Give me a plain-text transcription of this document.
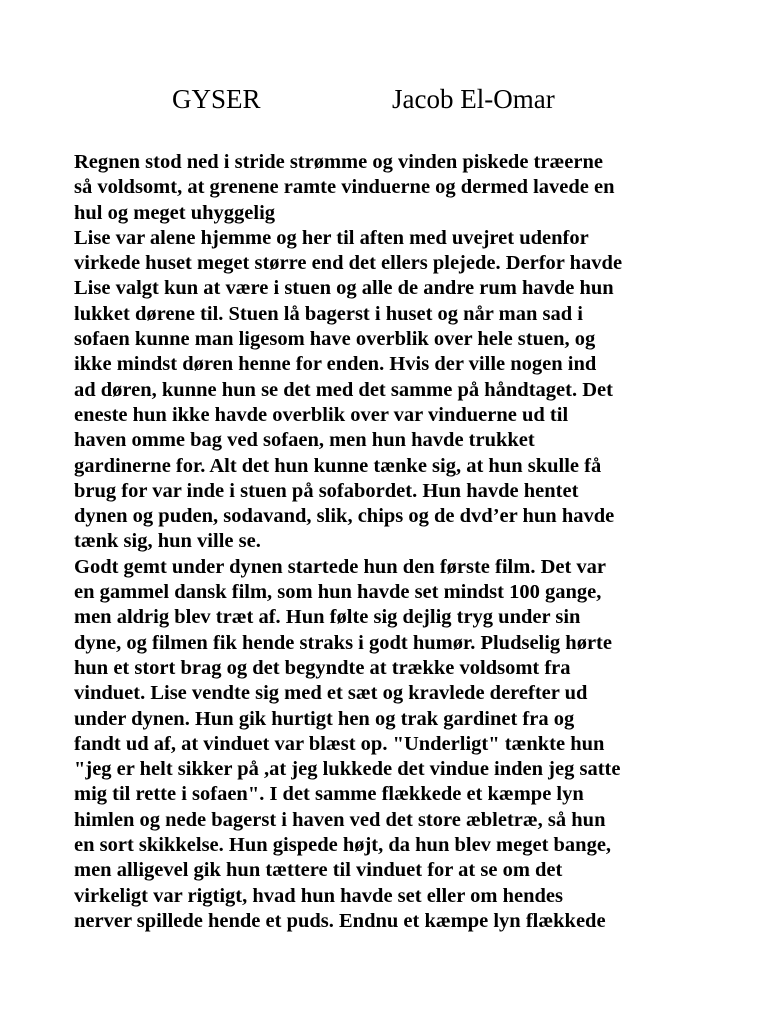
GYSER	Jacob El-Omar
Regnen stod ned i stride strømme og vinden piskede træerne
så voldsomt, at grenene ramte vinduerne og dermed lavede en
hul og meget uhyggelig
Lise var alene hjemme og her til aften med uvejret udenfor
virkede huset meget større end det ellers plejede. Derfor havde
Lise valgt kun at være i stuen og alle de andre rum havde hun
lukket dørene til. Stuen lå bagerst i huset og når man sad i
sofaen kunne man ligesom have overblik over hele stuen, og
ikke mindst døren henne for enden. Hvis der ville nogen ind
ad døren, kunne hun se det med det samme på håndtaget. Det
eneste hun ikke havde overblik over var vinduerne ud til
haven omme bag ved sofaen, men hun havde trukket
gardinerne for. Alt det hun kunne tænke sig, at hun skulle få
brug for var inde i stuen på sofabordet. Hun havde hentet
dynen og puden, sodavand, slik, chips og de dvd’er hun havde
tænk sig, hun ville se.
Godt gemt under dynen startede hun den første film. Det var
en gammel dansk film, som hun havde set mindst 100 gange,
men aldrig blev træt af. Hun følte sig dejlig tryg under sin
dyne, og filmen fik hende straks i godt humør. Pludselig hørte
hun et stort brag og det begyndte at trække voldsomt fra
vinduet. Lise vendte sig med et sæt og kravlede derefter ud
under dynen. Hun gik hurtigt hen og trak gardinet fra og
fandt ud af, at vinduet var blæst op. "Underligt" tænkte hun
"jeg er helt sikker på ,at jeg lukkede det vindue inden jeg satte
mig til rette i sofaen". I det samme flækkede et kæmpe lyn
himlen og nede bagerst i haven ved det store æbletræ, så hun
en sort skikkelse. Hun gispede højt, da hun blev meget bange,
men alligevel gik hun tættere til vinduet for at se om det
virkeligt var rigtigt, hvad hun havde set eller om hendes
nerver spillede hende et puds. Endnu et kæmpe lyn flækkede
